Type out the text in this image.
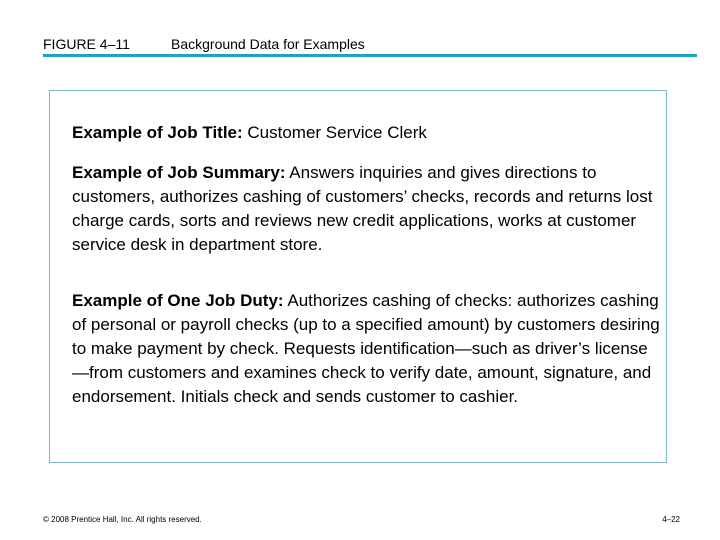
FIGURE 4–11	Background Data for Examples

Example of Job Title: Customer Service Clerk

Example of Job Summary: Answers inquiries and gives directions to customers, authorizes cashing of customers’ checks, records and returns lost charge cards, sorts and reviews new credit applications, works at customer service desk in department store.

Example of One Job Duty: Authorizes cashing of checks: authorizes cashing of personal or payroll checks (up to a specified amount) by customers desiring to make payment by check. Requests identification—such as driver’s license—from customers and examines check to verify date, amount, signature, and endorsement. Initials check and sends customer to cashier.

© 2008 Prentice Hall, Inc. All rights reserved.	4–22
